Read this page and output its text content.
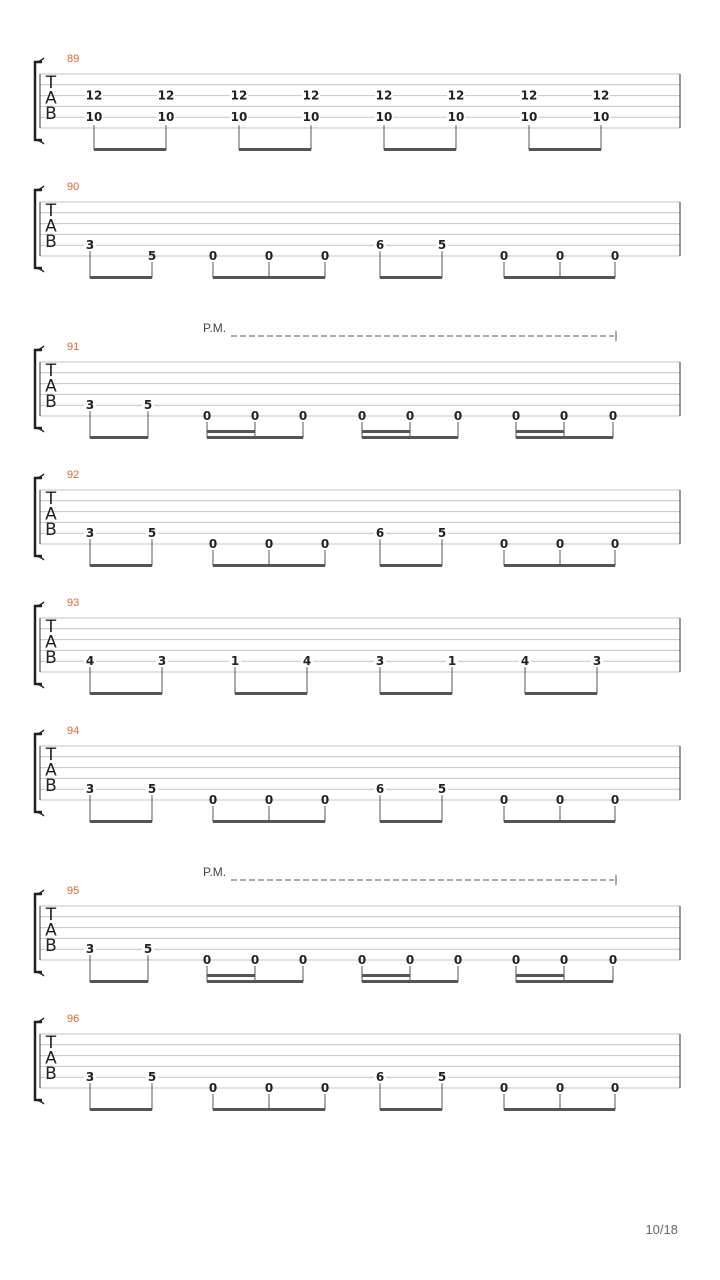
T
A
B
89
12
10
12
10
12
10
12
10
12
10
12
10
12
10
12
10
T
A
B
90
3
5	0	0	0
6	5
0	0	0
T
A
B
91
P.M.
3	5
0	0	0	0	0	0	0	0	0
T
A
B
92
3	5
0	0	0
6	5
0	0	0
T
A
B
93
4	3	1	4	3	1	4	3
T
A
B
94
3	5
0	0	0
6	5
0	0	0
T
A
B
95
P.M.
3	5
0	0	0	0	0	0	0	0	0
T
A
B
96
3	5
0	0	0
6	5
0	0	0
10/18
